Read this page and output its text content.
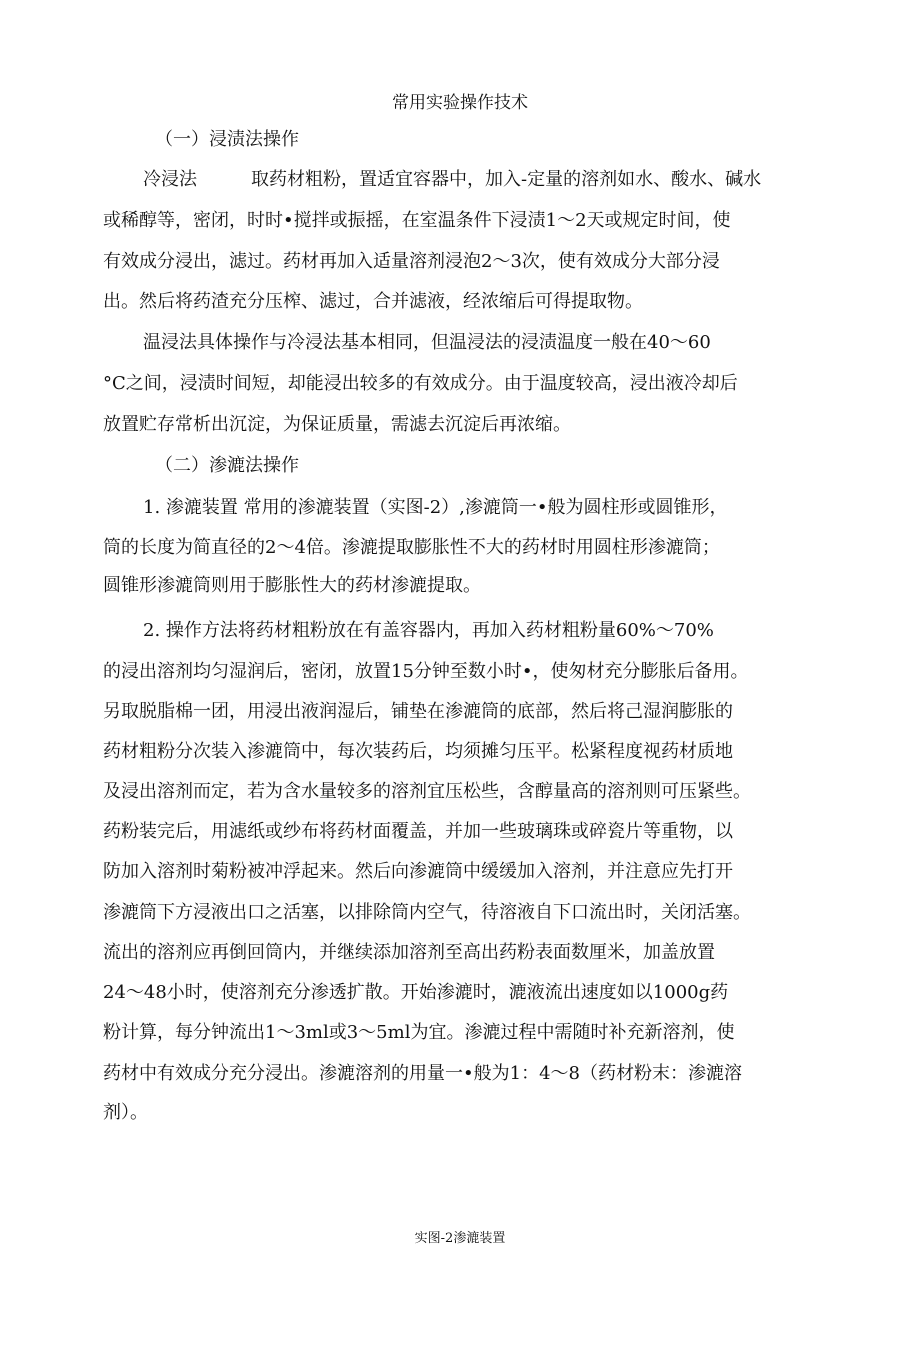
常用实验操作技术
（一）浸渍法操作
冷浸法　　　取药材粗粉，置适宜容器中，加入-定量的溶剂如水、酸水、碱水
或稀醇等，密闭，时时•搅拌或振摇，在室温条件下浸渍1～2天或规定时间，使
有效成分浸出，滤过。药材再加入适量溶剂浸泡2～3次，使有效成分大部分浸
出。然后将药渣充分压榨、滤过，合并滤液，经浓缩后可得提取物。
温浸法具体操作与冷浸法基本相同，但温浸法的浸渍温度一般在40～60
°C之间，浸渍时间短，却能浸出较多的有效成分。由于温度较高，浸出液冷却后
放置贮存常析出沉淀，为保证质量，需滤去沉淀后再浓缩。
（二）渗漉法操作
1. 渗漉装置 常用的渗漉装置（实图-2）,渗漉筒一•般为圆柱形或圆锥形，
筒的长度为简直径的2～4倍。渗漉提取膨胀性不大的药材时用圆柱形渗漉筒；
圆锥形渗漉筒则用于膨胀性大的药材渗漉提取。
2. 操作方法将药材粗粉放在有盖容器内，再加入药材粗粉量60%～70%
的浸出溶剂均匀湿润后，密闭，放置15分钟至数小时•，使匆材充分膨胀后备用。
另取脱脂棉一团，用浸出液润湿后，铺垫在渗漉筒的底部，然后将己湿润膨胀的
药材粗粉分次装入渗漉筒中，每次装药后，均须摊匀压平。松紧程度视药材质地
及浸出溶剂而定，若为含水量较多的溶剂宜压松些，含醇量高的溶剂则可压紧些。
药粉装完后，用滤纸或纱布将药材面覆盖，并加一些玻璃珠或碎瓷片等重物，以
防加入溶剂时菊粉被冲浮起来。然后向渗漉筒中缓缓加入溶剂，并注意应先打开
渗漉筒下方浸液出口之活塞，以排除筒内空气，待溶液自下口流出时，关闭活塞。
流出的溶剂应再倒回筒内，并继续添加溶剂至高出药粉表面数厘米，加盖放置
24～48小时，使溶剂充分渗透扩散。开始渗漉时，漉液流出速度如以1000g药
粉计算，每分钟流出1～3ml或3～5ml为宜。渗漉过程中需随时补充新溶剂，使
药材中有效成分充分浸出。渗漉溶剂的用量一•般为1：4～8（药材粉末：渗漉溶
剂）。
实图-2渗漉装置
